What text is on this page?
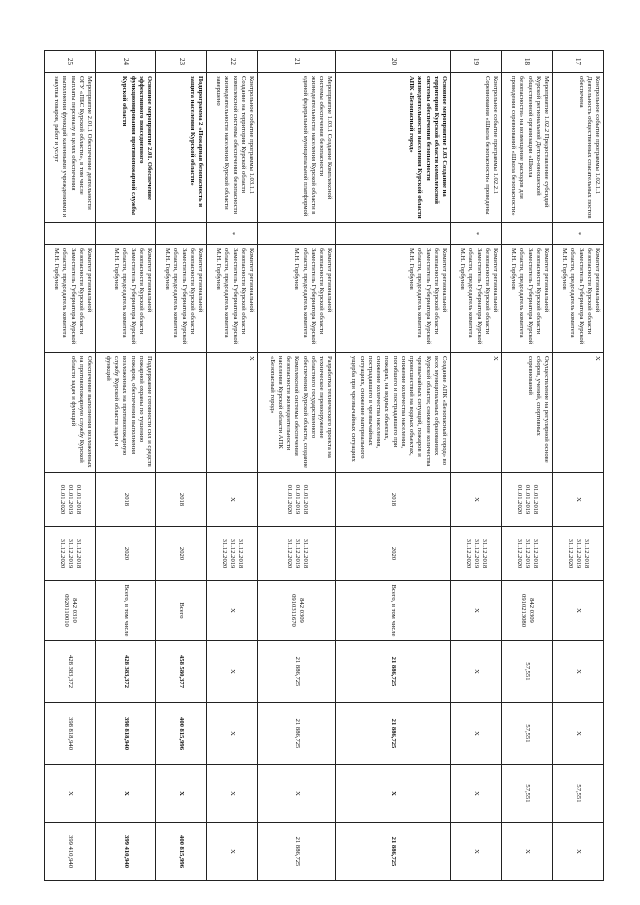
17	Контрольное событие программы 1.02.1.1 Деятельность общественных спасательных постов обеспечена	*	Комитет региональной безопасности Курской области Заместитель Губернатора Курской области, председатель комитета М.Н. Горбунов	X	X	31.12.2018 31.12.2019 31.12.2020	X	X	X	57,551	X
18	Мероприятие 1.02.2 Предоставление субсидий Курской региональной Детско-юношеской общественной организации «Школа безопасности» на возмещение расходов для проведения соревнований «Школа безопасности»		Комитет региональной безопасности Курской области Заместитель Губернатора Курской области, председатель комитета М.Н. Горбунов	Осуществление на регулярной основе сборов, учений, спортивных соревнований	01.01.2018 01.01.2019 01.01.2020	31.12.2018 31.12.2019 31.12.2020	842 0309 0910213080	57,551	57,551	57,551	X
19	Контрольное событие программы 1.02.2.1 Соревнования «Школа безопасности» проведены	*	Комитет региональной безопасности Курской области Заместитель Губернатора Курской области, председатель комитета М.Н. Горбунов	X	X	31.12.2018 31.12.2019 31.12.2020	X	X	X	X	X
20	Основное мероприятие 1.03 Создание на территории Курской области комплексной системы обеспечения безопасности жизнедеятельности населения Курской области АПК «Безопасный город»		Комитет региональной безопасности Курской области Заместитель Губернатора Курской области, председатель комитета М.Н. Горбунов	Создание АПК «Безопасный город» во всех муниципальных образованиях Курской области; снижение количества чрезвычайных ситуаций, пожаров и происшествий на водных объектах, снижение количества населения, погибшего и пострадавшего при пожарах, на водных объектах, снижение количества населения, пострадавшего в чрезвычайных ситуациях, снижение материального ущерба при чрезвычайных ситуациях	2018	2020	Всего, в том числе	21 886,725	21 886,725	X	21 886,725
21	Мероприятие 1.03.1 Создание Комплексной системы обеспечения безопасности жизнедеятельности населения Курской области в единой федеральной муниципальной платформой		Комитет региональной безопасности Курской области Заместитель Губернатора Курской области, председатель комитета М.Н. Горбунов	Разработка технического проекта на техническое перевооружение областного государственного обеспечения Курской области, создание Комплексной системы обеспечения безопасности жизнедеятельности населения Курской области АПК «Безопасный город»	01.01.2018 01.01.2019 01.01.2020	31.12.2018 31.12.2019 31.12.2020	842 0309 0910311670	21 886,725	21 886,725	X	21 886,725
22	Контрольное событие программы 1.03.1.1 Создание на территории Курской области комплексной системы обеспечения безопасности жизнедеятельности населения Курской области завершено	*	Комитет региональной безопасности Курской области Заместитель Губернатора Курской области, председатель комитета М.Н. Горбунов	X	X	31.12.2018 31.12.2019 31.12.2020	X	X	X	X	X
23	Подпрограмма 2 «Пожарная безопасность и защита населения Курской области»		Комитет региональной безопасности Курской области Заместитель Губернатора Курской области, председатель комитета М.Н. Горбунов		2018	2020	Всего	458 580,377	400 815,996	X	400 815,996
24	Основное мероприятие 2.01. Обеспечение эффективного повседневного функционирования противопожарной службы Курской области		Комитет региональной безопасности Курской области Заместитель Губернатора Курской области, председатель комитета М.Н. Горбунов	Поддержание готовности сил и средств пожарной охраны по тушению пожаров, обеспечения выполнения возложенных на противопожарную службу Курской области задач и функций	2018	2020	Всего, в том числе	428 383,372	398 818,940	X	399 410,940
25	Мероприятие 2.01.1 Обеспечение деятельности ОГУ «ПБС Курской области», в том числе выплаты персоналу в целях обеспечения выполнения функций казенными учреждениями и закупка товаров, работ и услуг		Комитет региональной безопасности Курской области Заместитель Губернатора Курской области, председатель комитета М.Н. Горбунов	Обеспечение выполнения возложенных на противопожарную службу Курской области задач и функций	01.01.2018 01.01.2019 01.01.2020	31.12.2018 31.12.2019 31.12.2020	842 0310 0920110010	428 383,372	398 818,940	X	399 410,940
